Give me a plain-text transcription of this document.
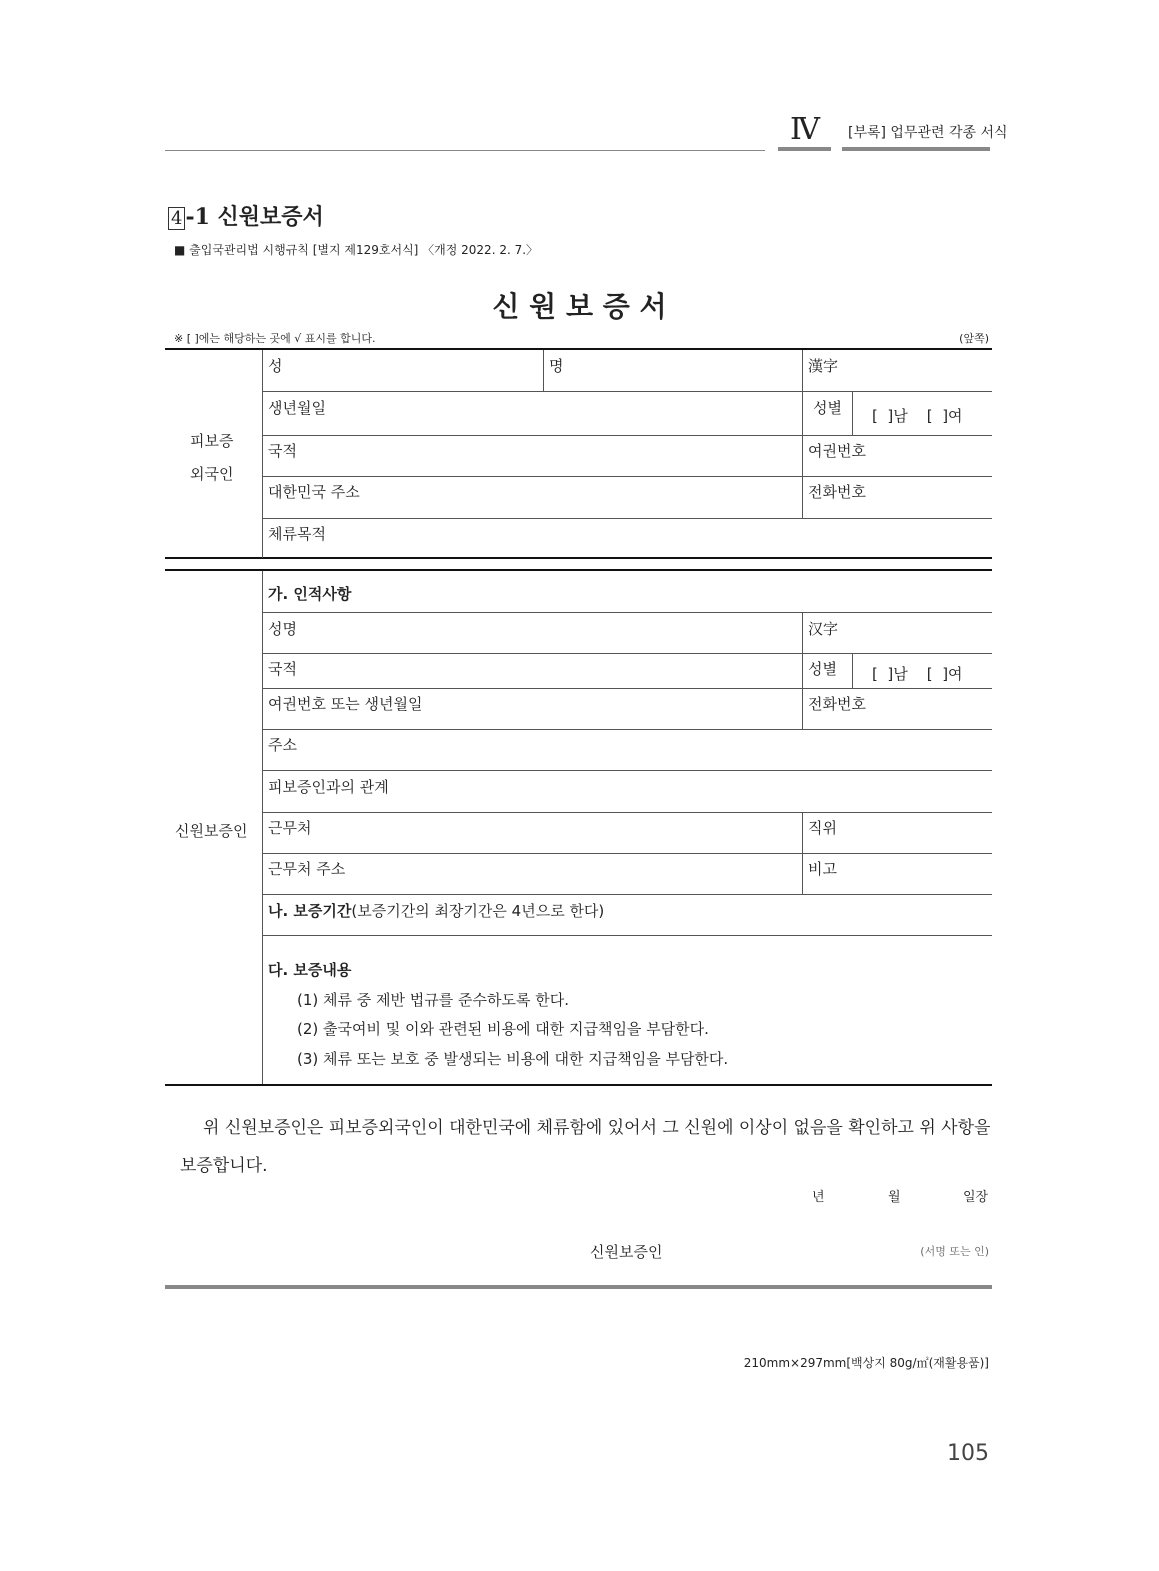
Ⅳ [부록] 업무관련 각종 서식
4 -1 신원보증서
■ 출입국관리법 시행규칙 [별지 제129호서식] 〈개정 2022. 2. 7.〉
신 원 보 증 서
※ [ ]에는 해당하는 곳에 √ 표시를 합니다.	(앞쪽)
피보증
외국인
성	명	漢字
생년월일	성별 [  ]남    [  ]여
국적	여권번호
대한민국 주소	전화번호
체류목적
신원보증인
가. 인적사항
성명	汉字
국적	성별 [  ]남    [  ]여
여권번호 또는 생년월일	전화번호
주소
피보증인과의 관계
근무처	직위
근무처 주소	비고
나. 보증기간(보증기간의 최장기간은 4년으로 한다)
다. 보증내용
(1) 체류 중 제반 법규를 준수하도록 한다.
(2) 출국여비 및 이와 관련된 비용에 대한 지급책임을 부담한다.
(3) 체류 또는 보호 중 발생되는 비용에 대한 지급책임을 부담한다.
위 신원보증인은 피보증외국인이 대한민국에 체류함에 있어서 그 신원에 이상이 없음을 확인하고 위 사항을
보증합니다.
년	월	일장
신원보증인	(서명 또는 인)
210mm×297mm[백상지 80g/㎡(재활용품)]
105
